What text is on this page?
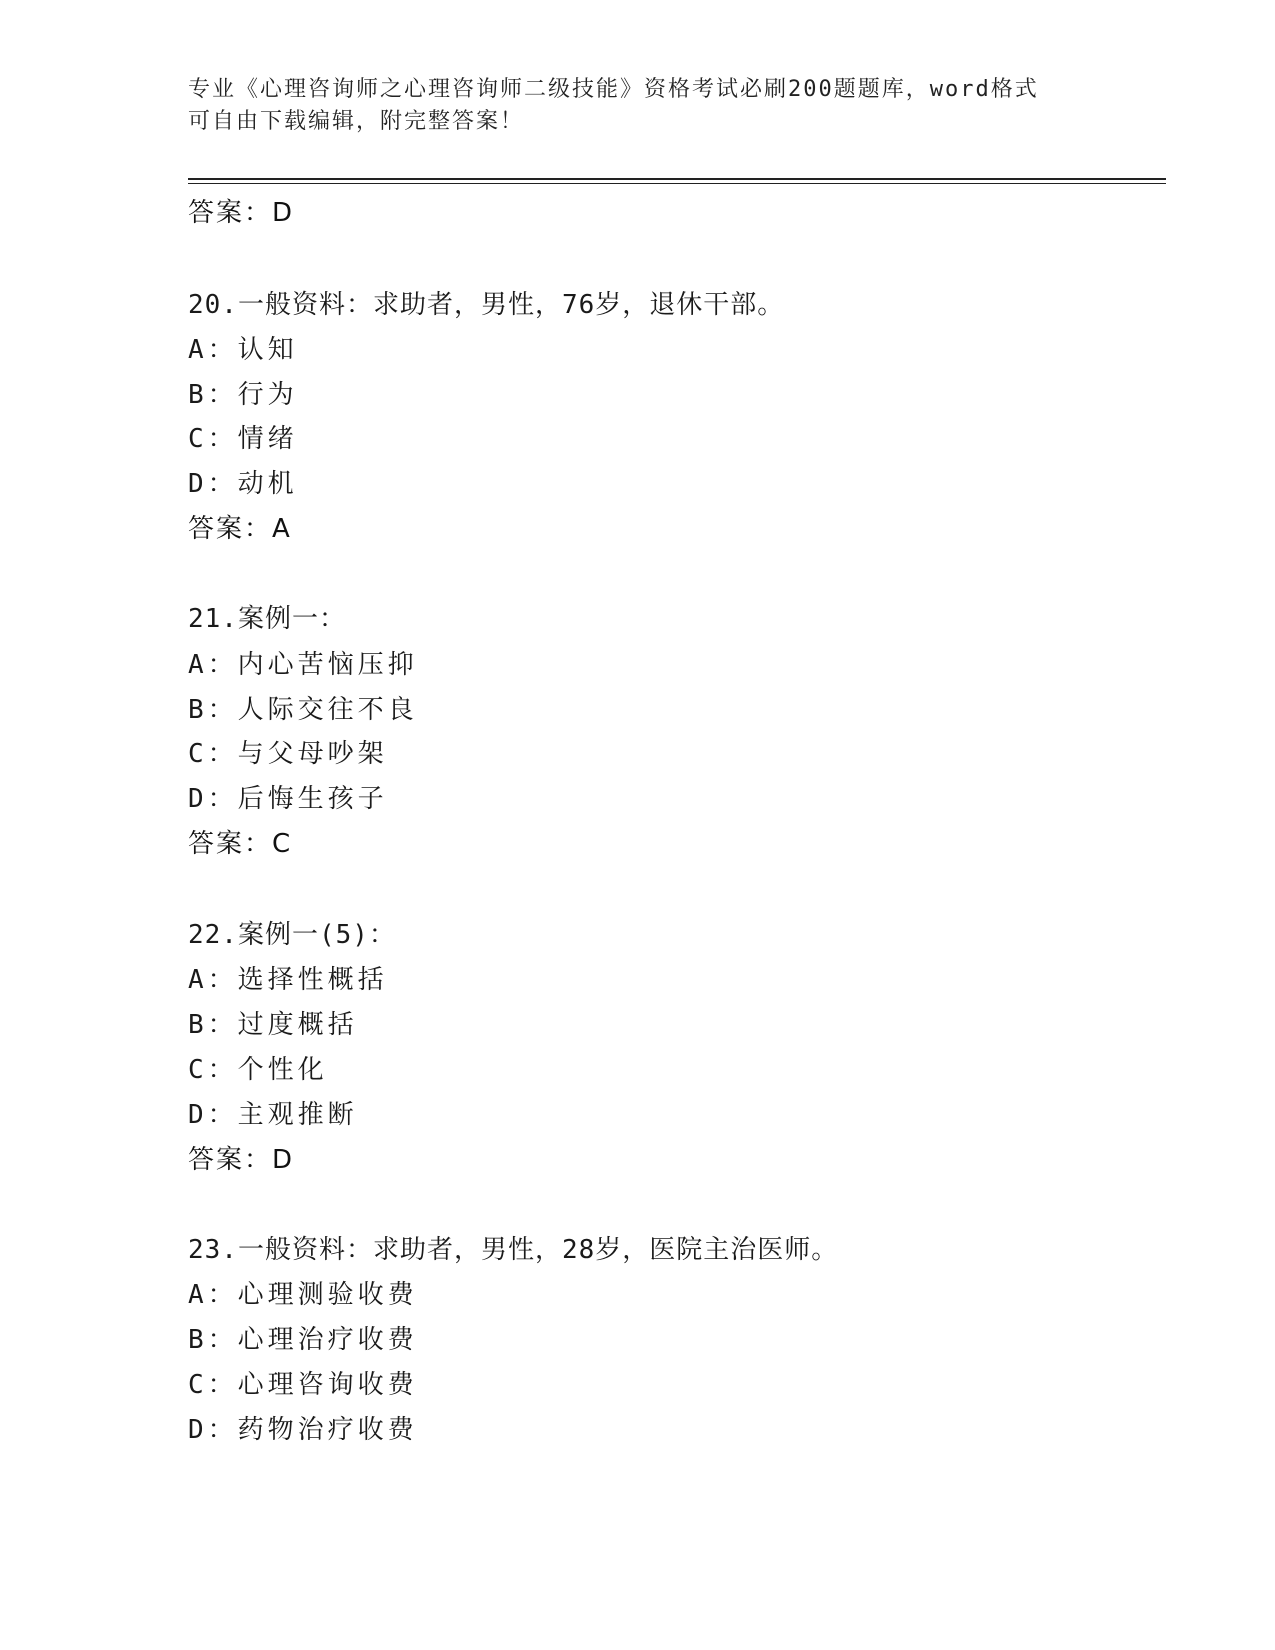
专业《心理咨询师之心理咨询师二级技能》资格考试必刷200题题库，word格式
可自由下载编辑，附完整答案！
答案：D
20.一般资料：求助者，男性，76岁，退休干部。
A：认知
B：行为
C：情绪
D：动机
答案：A
21.案例一：
A：内心苦恼压抑
B：人际交往不良
C：与父母吵架
D：后悔生孩子
答案：C
22.案例一(5)：
A：选择性概括
B：过度概括
C：个性化
D：主观推断
答案：D
23.一般资料：求助者，男性，28岁，医院主治医师。
A：心理测验收费
B：心理治疗收费
C：心理咨询收费
D：药物治疗收费
